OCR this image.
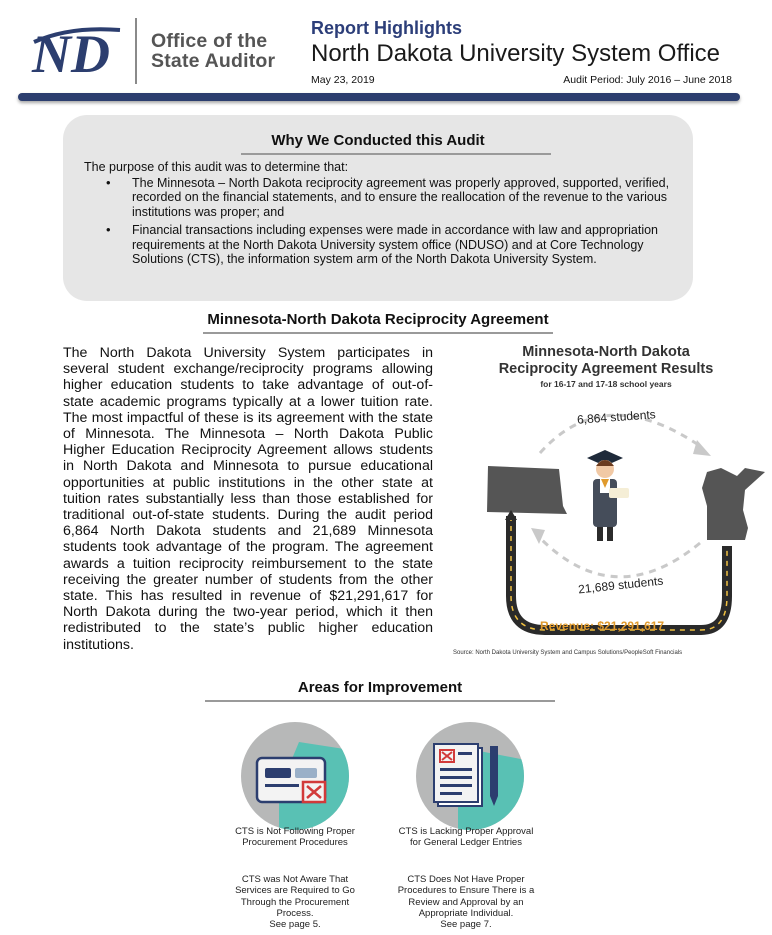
ND Office of the
State Auditor
Report Highlights
North Dakota University System Office
May 23, 2019	Audit Period: July 2016 – June 2018
Why We Conducted this Audit
The purpose of this audit was to determine that:
• The Minnesota – North Dakota reciprocity agreement was properly approved, supported, verified, recorded on the financial statements, and to ensure the reallocation of the revenue to the various institutions was proper; and
• Financial transactions including expenses were made in accordance with law and appropriation requirements at the North Dakota University system office (NDUSO) and at Core Technology Solutions (CTS), the information system arm of the North Dakota University System.
Minnesota-North Dakota Reciprocity Agreement

The North Dakota University System participates in several student exchange/reciprocity programs allowing higher education students to take advantage of out-of-state academic programs typically at a lower tuition rate. The most impactful of these is its agreement with the state of Minnesota. The Minnesota – North Dakota Public Higher Education Reciprocity Agreement allows students in North Dakota and Minnesota to pursue educational opportunities at public institutions in the other state at tuition rates substantially less than those established for traditional out-of-state students. During the audit period 6,864 North Dakota students and 21,689 Minnesota students took advantage of the program. The agreement awards a tuition reciprocity reimbursement to the state receiving the greater number of students from the other state. This has resulted in revenue of $21,291,617 for North Dakota during the two-year period, which it then redistributed to the state’s public higher education institutions.

Minnesota-North Dakota
Reciprocity Agreement Results
for 16-17 and 17-18 school years
6,864 students
21,689 students
Revenue: $21,291,617
Source: North Dakota University System and Campus Solutions/PeopleSoft Financials
Areas for Improvement
CTS is Not Following Proper Procurement Procedures
CTS was Not Aware That Services are Required to Go Through the Procurement Process.
See page 5.
CTS is Lacking Proper Approval for General Ledger Entries
CTS Does Not Have Proper Procedures to Ensure There is a Review and Approval by an Appropriate Individual.
See page 7.
